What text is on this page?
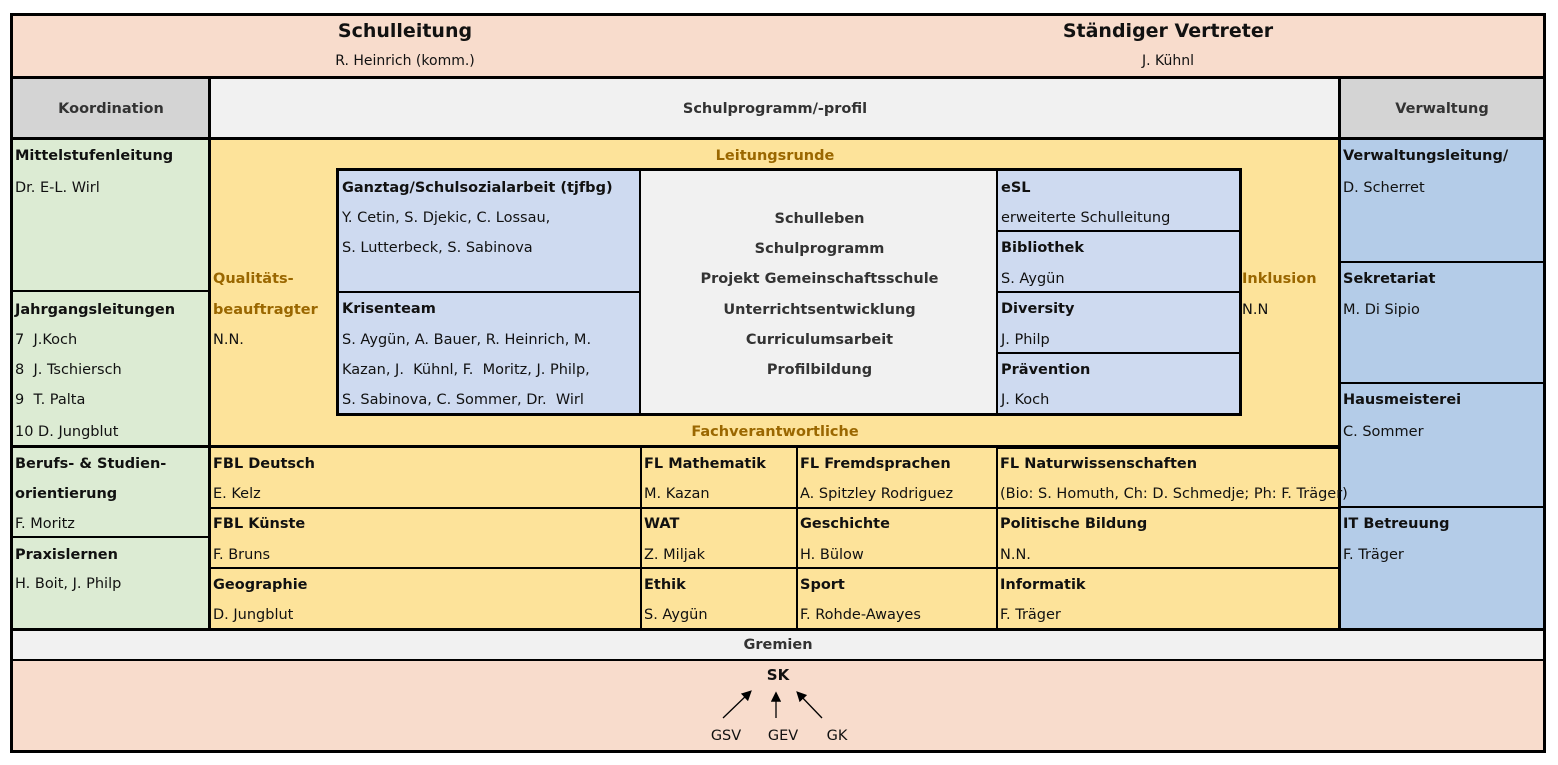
Schulleitung
R. Heinrich (komm.)
Ständiger Vertreter
J. Kühnl
Koordination	Schulprogramm/-profil	Verwaltung
Mittelstufenleitung
Dr. E-L. Wirl
Jahrgangsleitungen
7  J.Koch
8  J. Tschiersch
9  T. Palta
10 D. Jungblut
Berufs- & Studien-
orientierung
F. Moritz
Praxislernen
H. Boit, J. Philp
Verwaltungsleitung/
D. Scherret
Sekretariat
M. Di Sipio
Hausmeisterei
C. Sommer
IT Betreuung
F. Träger
Leitungsrunde
Qualitäts-
beauftragter
N.N.
Inklusion
N.N
Ganztag/Schulsozialarbeit (tjfbg)
Y. Cetin, S. Djekic, C. Lossau,
S. Lutterbeck, S. Sabinova
Krisenteam
S. Aygün, A. Bauer, R. Heinrich, M.
Kazan, J.  Kühnl, F.  Moritz, J. Philp,
S. Sabinova, C. Sommer, Dr.  Wirl
Schulleben
Schulprogramm
Projekt Gemeinschaftsschule
Unterrichtsentwicklung
Curriculumsarbeit
Profilbildung
eSL
erweiterte Schulleitung
Bibliothek
S. Aygün
Diversity
J. Philp
Prävention
J. Koch
Fachverantwortliche
FBL Deutsch
E. Kelz
FL Mathematik
M. Kazan
FL Fremdsprachen
A. Spitzley Rodriguez
FL Naturwissenschaften
(Bio: S. Homuth, Ch: D. Schmedje; Ph: F. Träger)
FBL Künste
F. Bruns
WAT
Z. Miljak
Geschichte
H. Bülow
Politische Bildung
N.N.
Geographie
D. Jungblut
Ethik
S. Aygün
Sport
F. Rohde-Awayes
Informatik
F. Träger
Gremien
SK
GSV	GEV	GK
